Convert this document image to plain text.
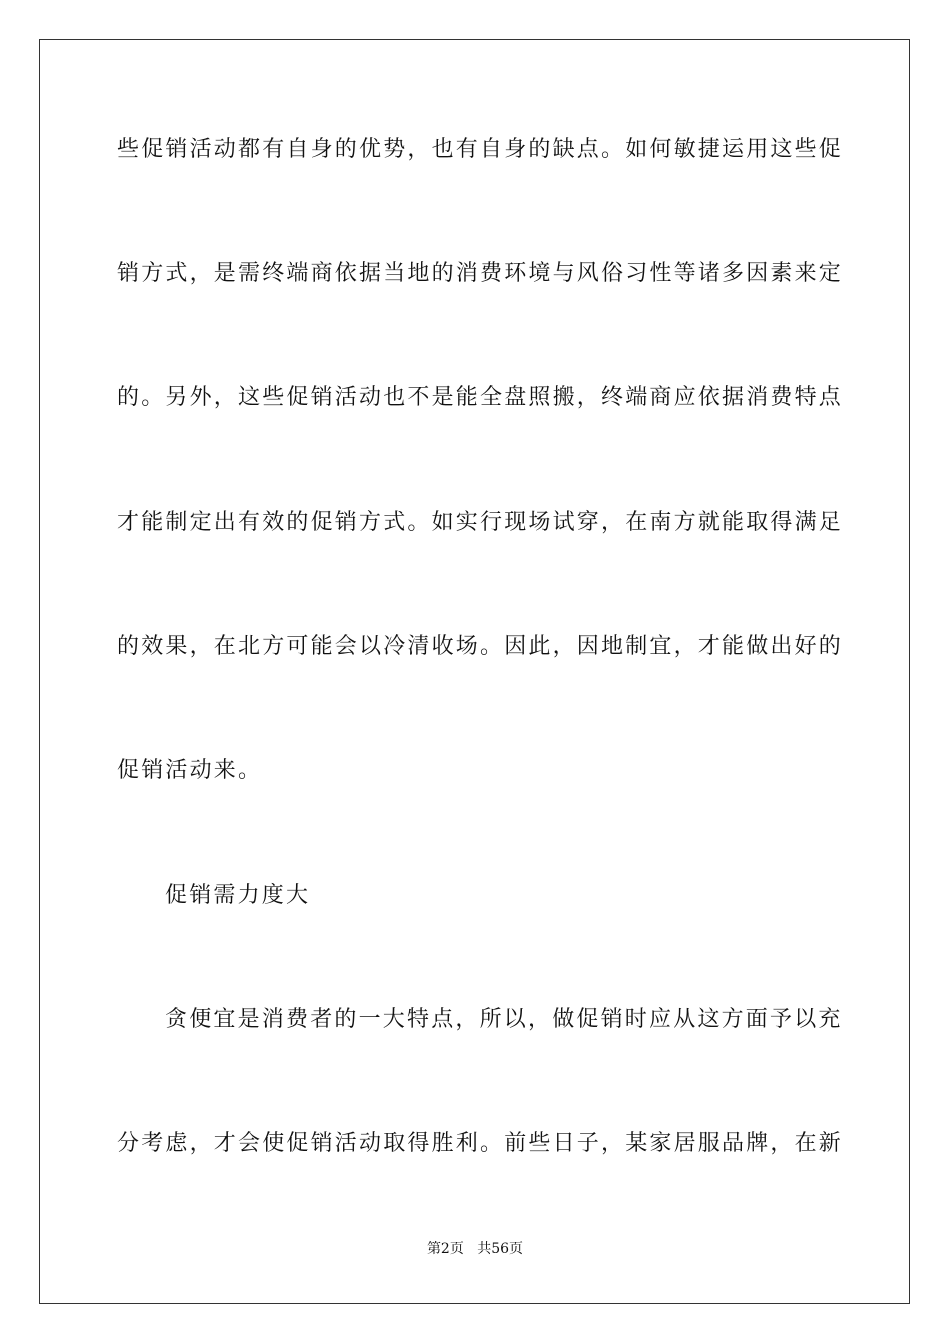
些促销活动都有自身的优势，也有自身的缺点。如何敏捷运用这些促
销方式，是需终端商依据当地的消费环境与风俗习性等诸多因素来定
的。另外，这些促销活动也不是能全盘照搬，终端商应依据消费特点
才能制定出有效的促销方式。如实行现场试穿，在南方就能取得满足
的效果，在北方可能会以冷清收场。因此，因地制宜，才能做出好的
促销活动来。
促销需力度大
贪便宜是消费者的一大特点，所以，做促销时应从这方面予以充
分考虑，才会使促销活动取得胜利。前些日子，某家居服品牌，在新
第2页 共56页
